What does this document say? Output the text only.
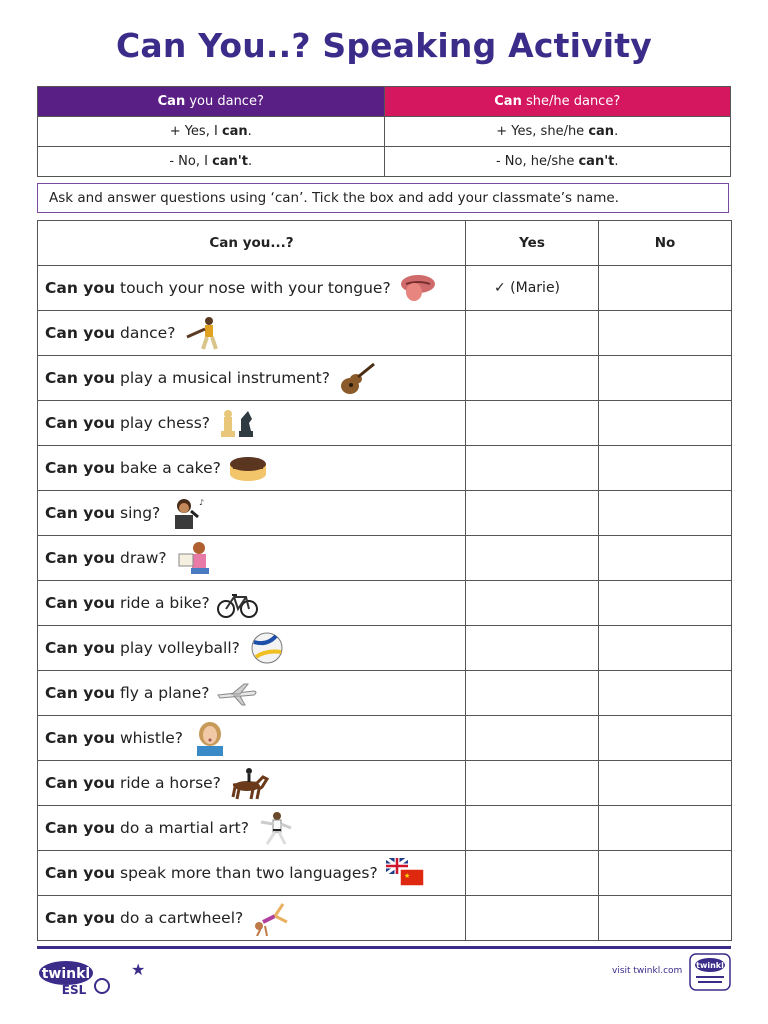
Can You..? Speaking Activity
Can you dance?	Can she/he dance?
+ Yes, I can.	+ Yes, she/he can.
- No, I can't.	- No, he/she can't.
Ask and answer questions using ‘can’. Tick the box and add your classmate’s name.
Can you...?	Yes	No

Can you touch your nose with your tongue?	✓ (Marie)	

Can you dance?		

Can you play a musical instrument?		

Can you play chess?		

Can you bake a cake?		

Can you sing?
♪		

Can you draw?		

Can you ride a bike?		

Can you play volleyball?		

Can you fly a plane?		

Can you whistle?		

Can you ride a horse?		

Can you do a martial art?		

Can you speak more than two languages? ★		

Can you do a cartwheel?		

twinkl
ESL
★	visit twinkl.com
twinkl
